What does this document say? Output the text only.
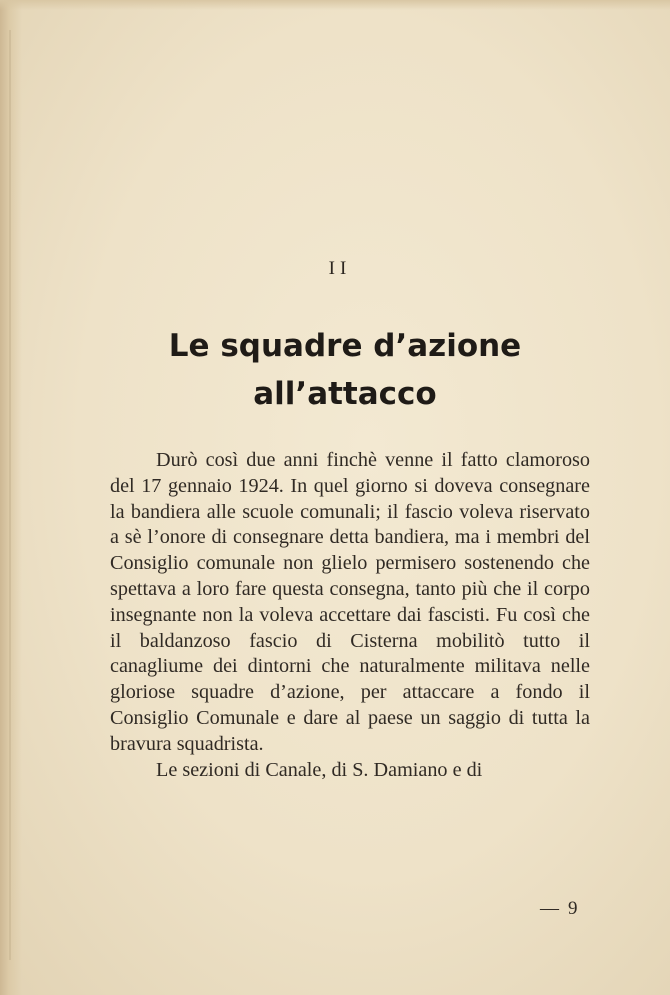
II
Le squadre d’azione
all’attacco

Durò così due anni finchè venne il fatto clamoroso del 17 gennaio 1924. In quel giorno si doveva consegnare la bandiera alle scuole comunali; il fascio voleva riservato a sè l’onore di consegnare detta bandiera, ma i membri del Consiglio comunale non glielo permisero sostenendo che spettava a loro fare questa consegna, tanto più che il corpo insegnante non la voleva accettare dai fascisti. Fu così che il baldanzoso fascio di Cisterna mobilitò tutto il canagliume dei dintorni che naturalmente militava nelle gloriose squadre d’azione, per attaccare a fondo il Consiglio Comunale e dare al paese un saggio di tutta la bravura squadrista.

Le sezioni di Canale, di S. Damiano e di

— 9
